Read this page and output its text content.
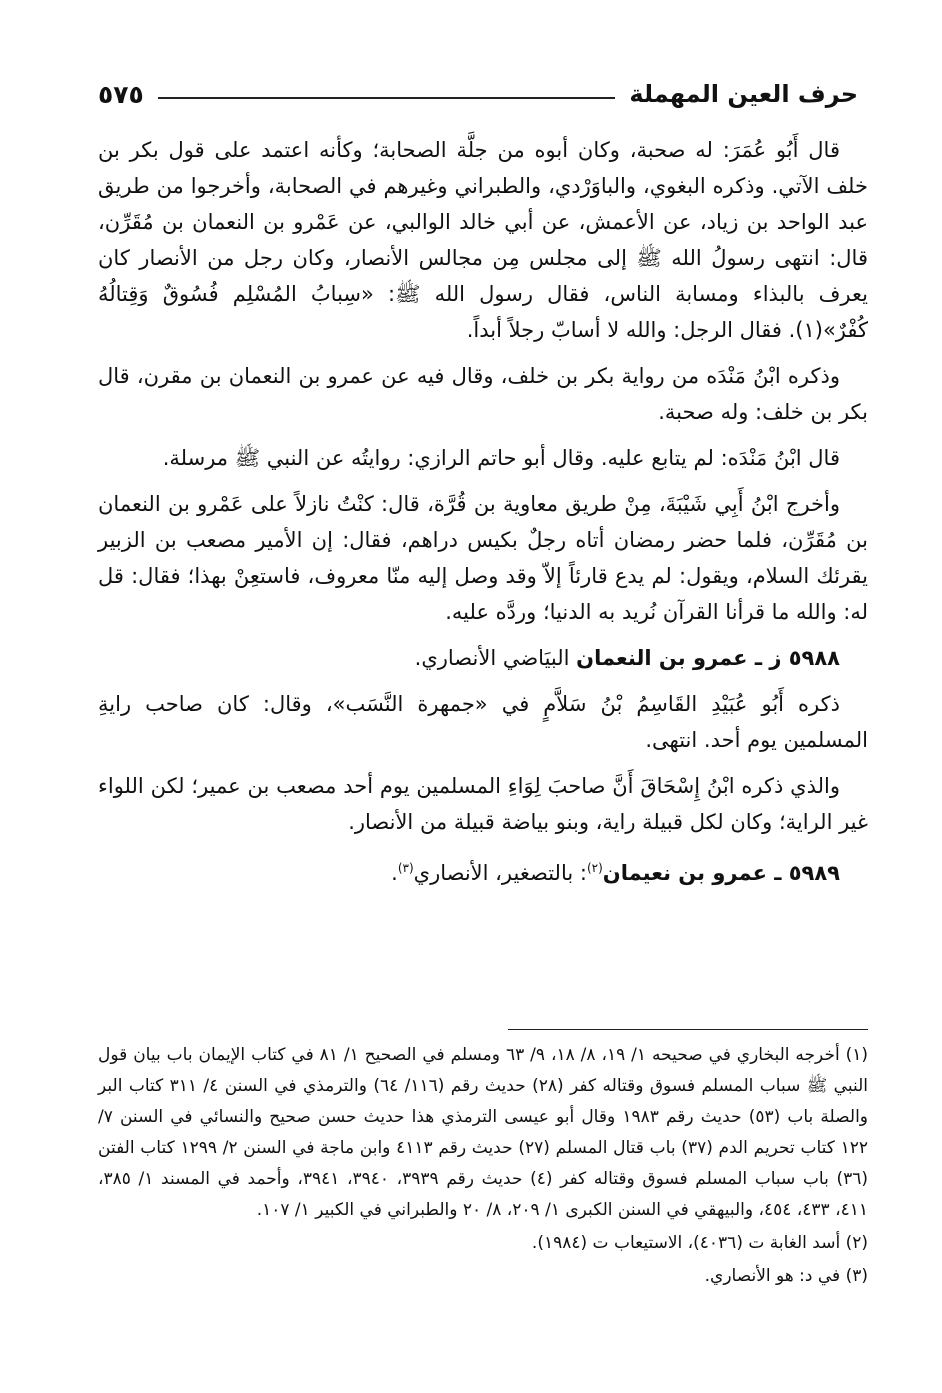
حرف العين المهملة
٥٧٥

قال أَبُو عُمَرَ: له صحبة، وكان أبوه من جلَّة الصحابة؛ وكأنه اعتمد على قول بكر بن خلف الآتي. وذكره البغوي، والباوَرْدي، والطبراني وغيرهم في الصحابة، وأخرجوا من طريق عبد الواحد بن زياد، عن الأعمش، عن أبي خالد الوالبي، عن عَمْرو بن النعمان بن مُقَرِّن، قال: انتهى رسولُ الله ﷺ إلى مجلس مِن مجالس الأنصار، وكان رجل من الأنصار كان يعرف بالبذاء ومسابة الناس، فقال رسول الله ﷺ: «سِبابُ المُسْلِم فُسُوقٌ وَقِتالُهُ كُفْرٌ»(١). فقال الرجل: والله لا أسابّ رجلاً أبداً.

وذكره ابْنُ مَنْدَه من رواية بكر بن خلف، وقال فيه عن عمرو بن النعمان بن مقرن، قال بكر بن خلف: وله صحبة.

قال ابْنُ مَنْدَه: لم يتابع عليه. وقال أبو حاتم الرازي: روايتُه عن النبي ﷺ مرسلة.

وأخرج ابْنُ أَبِي شَيْبَةَ، مِنْ طريق معاوية بن قُرَّة، قال: كنْتُ نازلاً على عَمْرو بن النعمان بن مُقَرِّن، فلما حضر رمضان أتاه رجلٌ بكيس دراهم، فقال: إن الأمير مصعب بن الزبير يقرئك السلام، ويقول: لم يدع قارئاً إلاّ وقد وصل إليه منّا معروف، فاستعِنْ بهذا؛ فقال: قل له: والله ما قرأنا القرآن نُريد به الدنيا؛ وردَّه عليه.

٥٩٨٨ ز ـ عمرو بن النعمان البيَاضي الأنصاري.

ذكره أَبُو عُبَيْدِ القَاسِمُ بْنُ سَلاَّمٍ في «جمهرة النَّسَب»، وقال: كان صاحب رايةِ المسلمين يوم أحد. انتهى.

والذي ذكره ابْنُ إِسْحَاقَ أَنَّ صاحبَ لِوَاءِ المسلمين يوم أحد مصعب بن عمير؛ لكن اللواء غير الراية؛ وكان لكل قبيلة راية، وبنو بياضة قبيلة من الأنصار.

٥٩٨٩ ـ عمرو بن نعيمان$^{(٢)}$: بالتصغير، الأنصاري$^{(٣)}$.

(١) أخرجه البخاري في صحيحه ١/ ١٩، ٨/ ١٨، ٩/ ٦٣ ومسلم في الصحيح ١/ ٨١ في كتاب الإيمان باب بيان قول النبي ﷺ سباب المسلم فسوق وقتاله كفر (٢٨) حديث رقم (١١٦/ ٦٤) والترمذي في السنن ٤/ ٣١١ كتاب البر والصلة باب (٥٣) حديث رقم ١٩٨٣ وقال أبو عيسى الترمذي هذا حديث حسن صحيح والنسائي في السنن ٧/ ١٢٢ كتاب تحريم الدم (٣٧) باب قتال المسلم (٢٧) حديث رقم ٤١١٣ وابن ماجة في السنن ٢/ ١٢٩٩ كتاب الفتن (٣٦) باب سباب المسلم فسوق وقتاله كفر (٤) حديث رقم ٣٩٣٩، ٣٩٤٠، ٣٩٤١، وأحمد في المسند ١/ ٣٨٥، ٤١١، ٤٣٣، ٤٥٤، والبيهقي في السنن الكبرى ١/ ٢٠٩، ٨/ ٢٠ والطبراني في الكبير ١/ ١٠٧.

(٢) أسد الغابة ت (٤٠٣٦)، الاستيعاب ت (١٩٨٤).

(٣) في د: هو الأنصاري.
